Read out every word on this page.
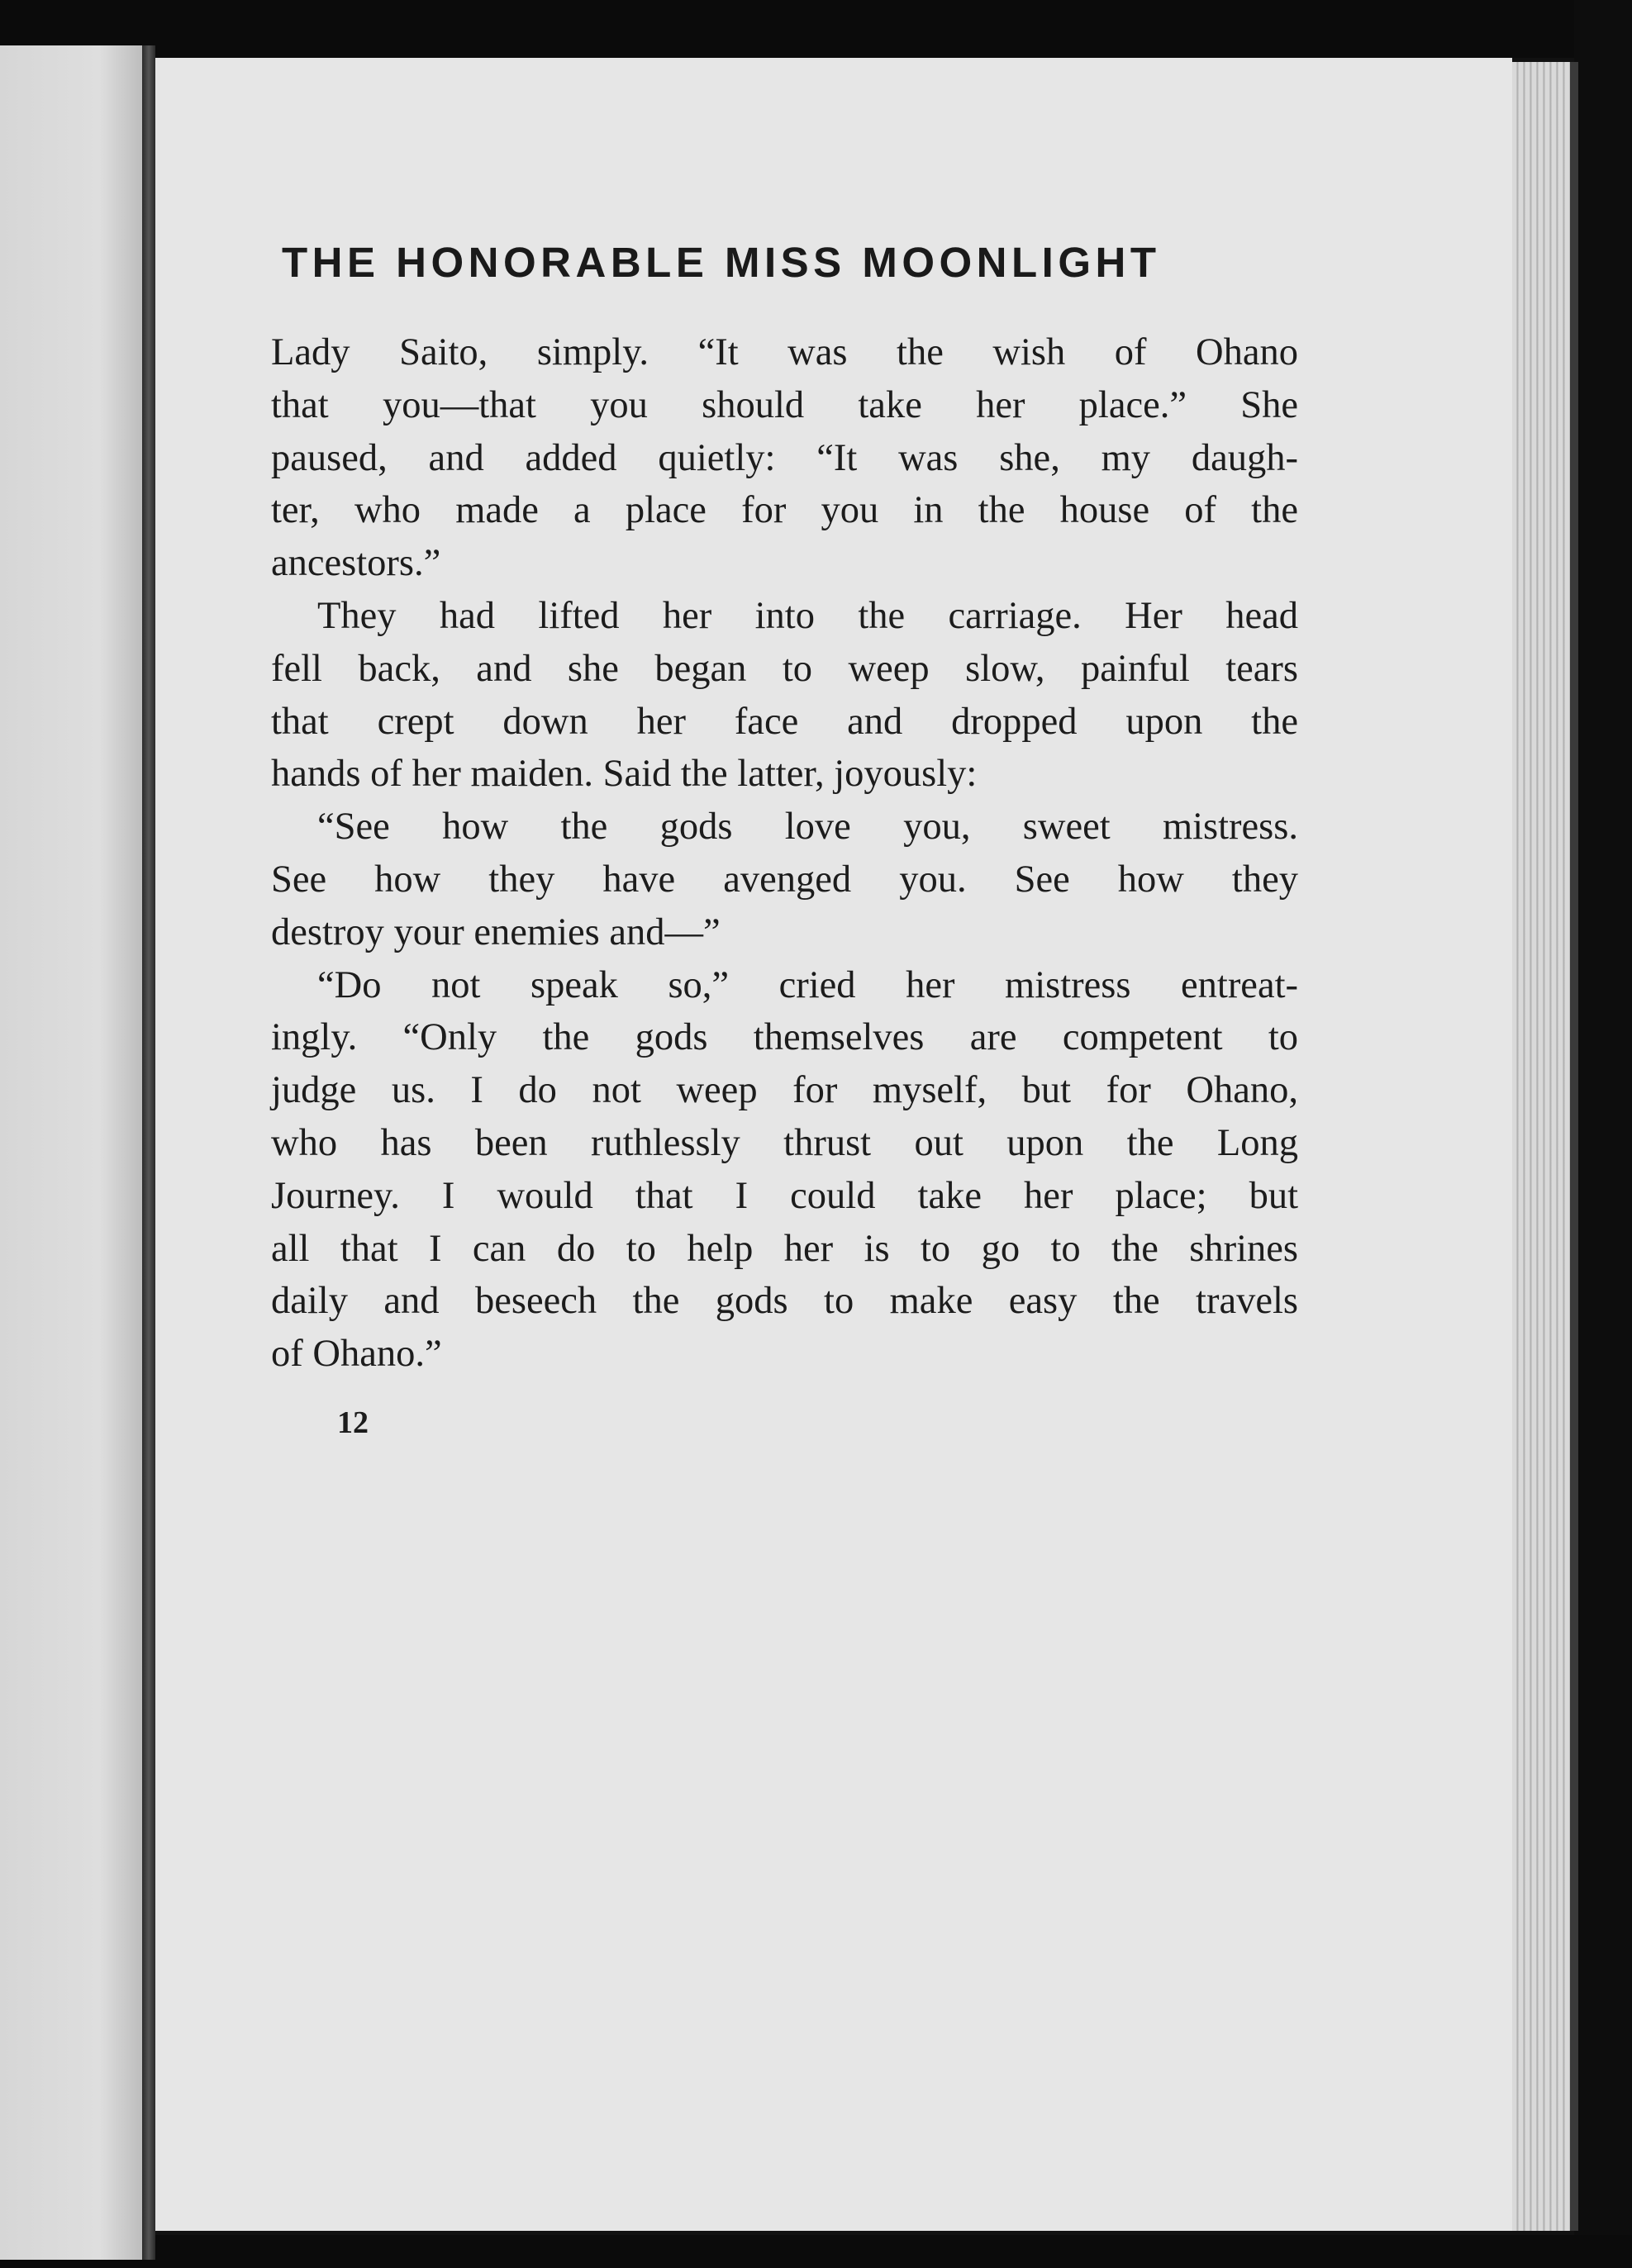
THE HONORABLE MISS MOONLIGHT
Lady Saito, simply. “It was the wish of Ohano
that you—that you should take her place.” She
paused, and added quietly: “It was she, my daugh-
ter, who made a place for you in the house of the
ancestors.”
They had lifted her into the carriage. Her head
fell back, and she began to weep slow, painful tears
that crept down her face and dropped upon the
hands of her maiden. Said the latter, joyously:
“See how the gods love you, sweet mistress.
See how they have avenged you. See how they
destroy your enemies and—”
“Do not speak so,” cried her mistress entreat-
ingly. “Only the gods themselves are competent to
judge us. I do not weep for myself, but for Ohano,
who has been ruthlessly thrust out upon the Long
Journey. I would that I could take her place; but
all that I can do to help her is to go to the shrines
daily and beseech the gods to make easy the travels
of Ohano.”

12
